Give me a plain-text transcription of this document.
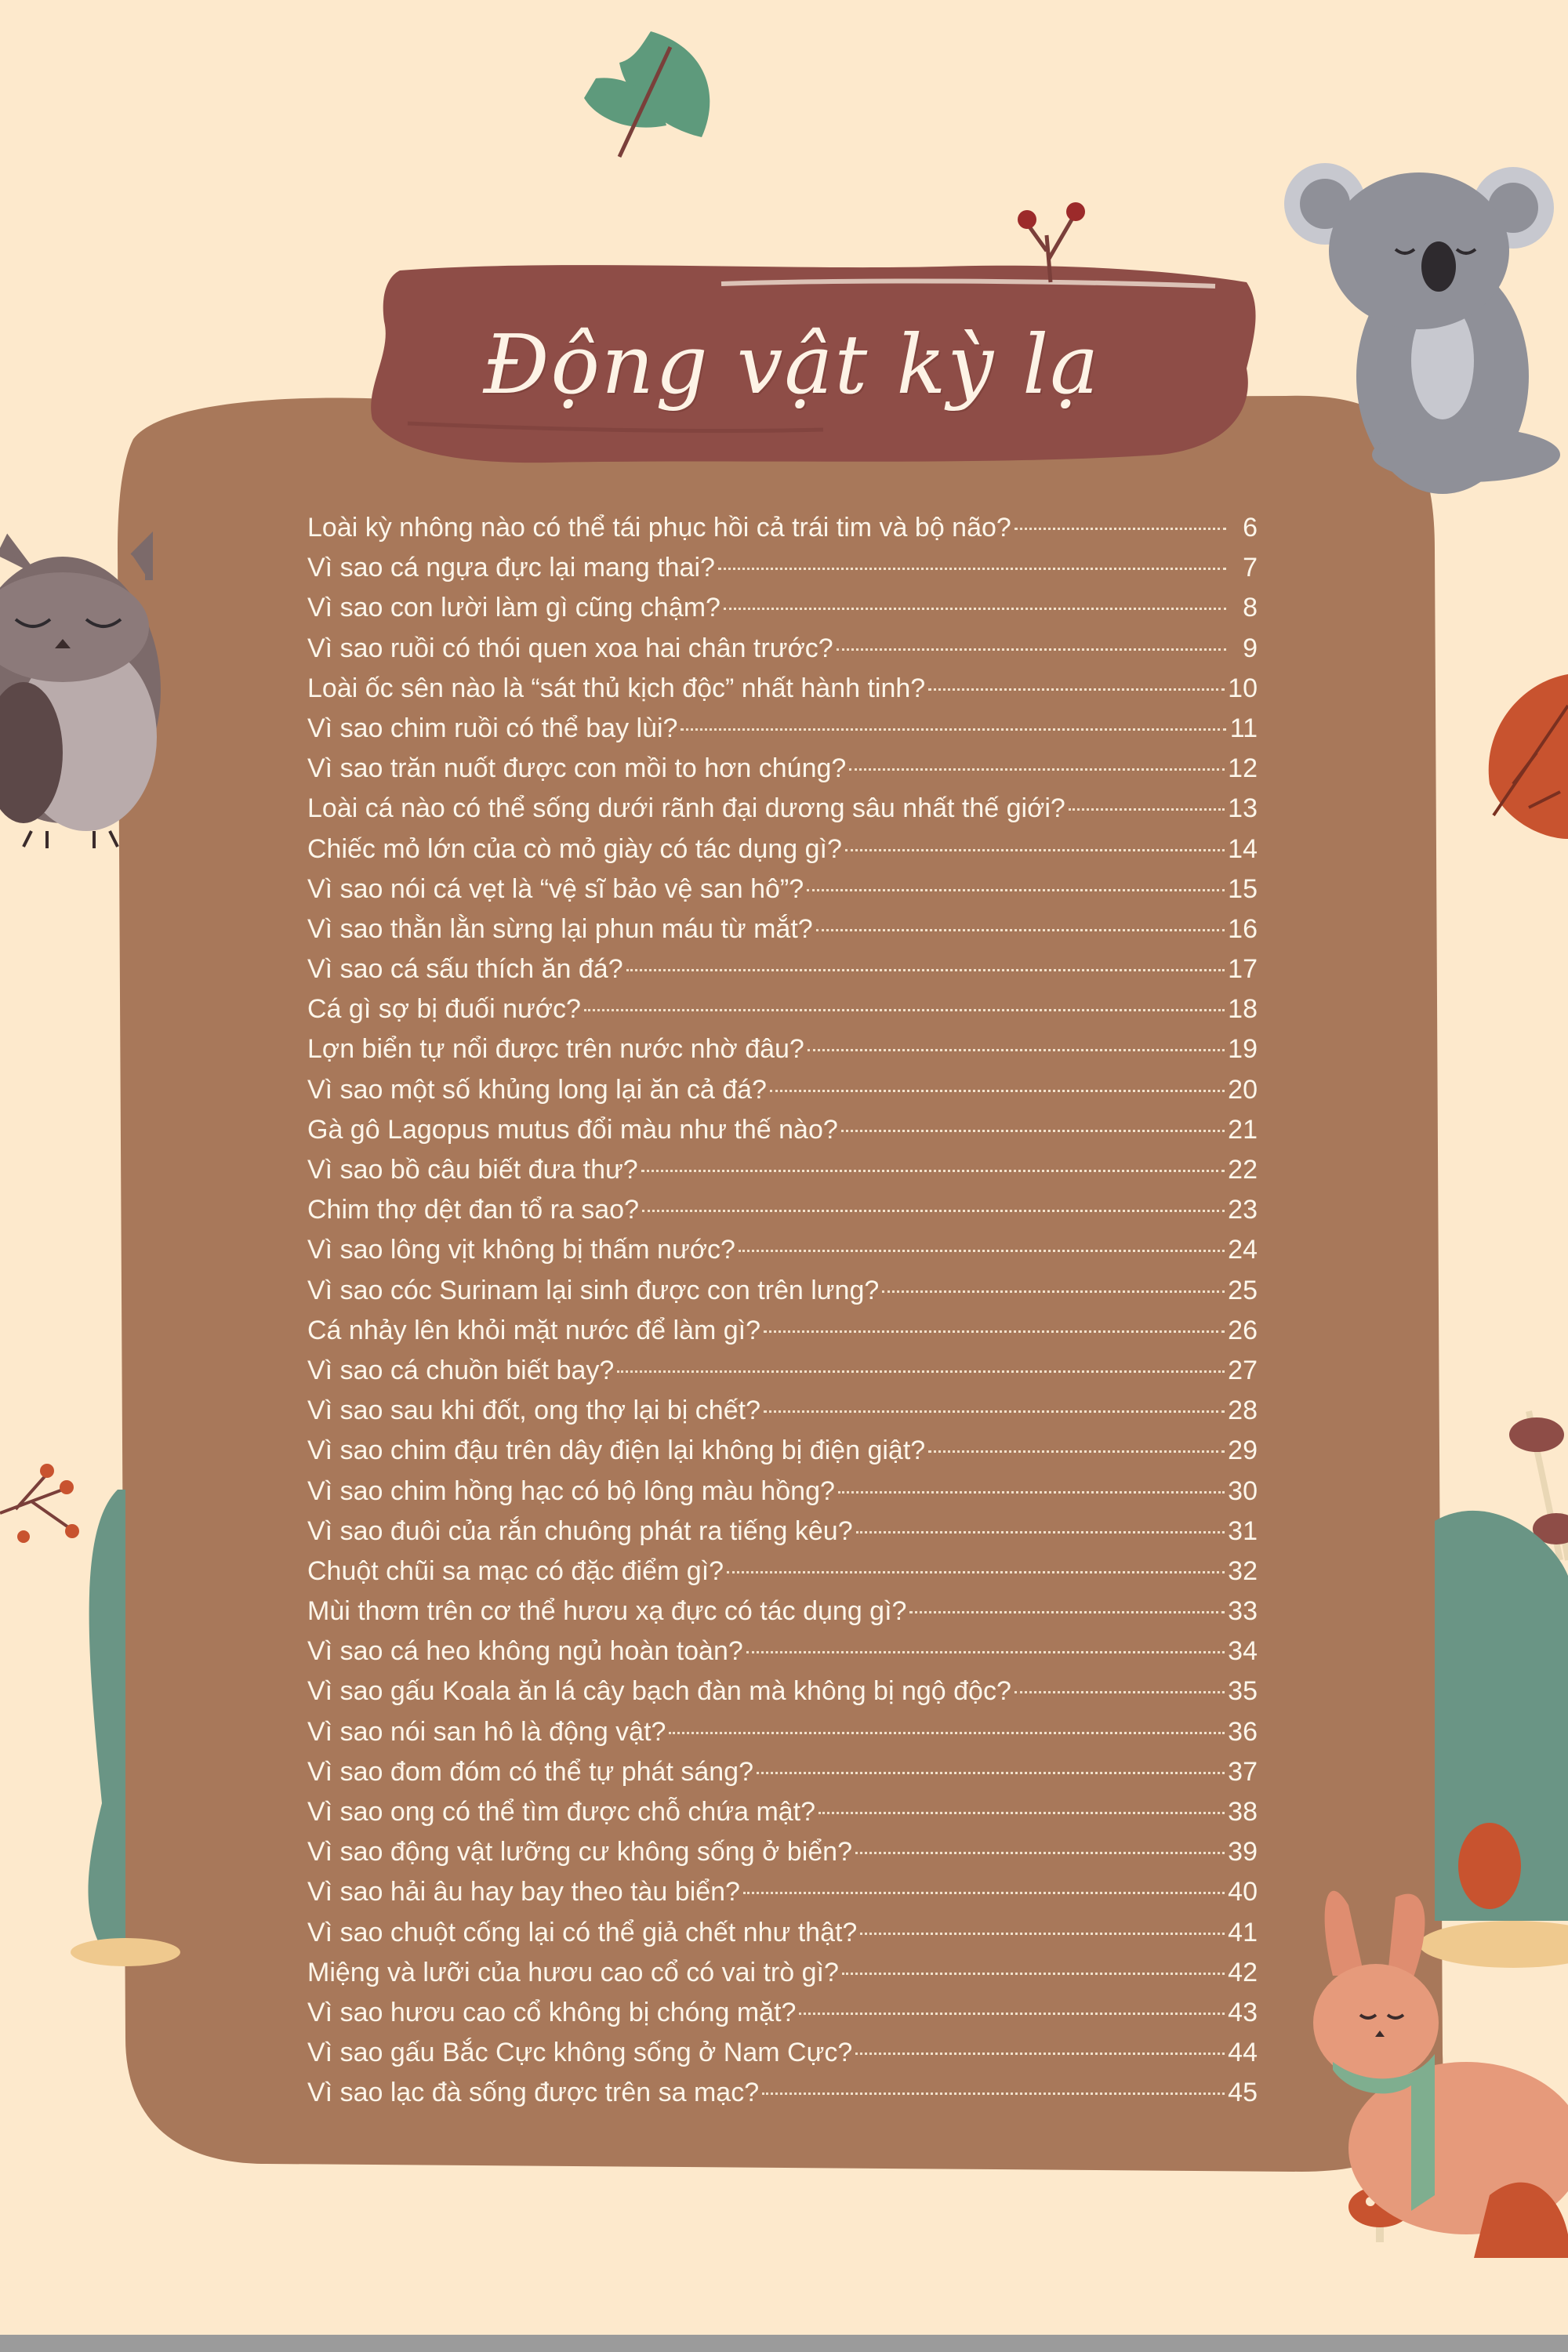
Động vật kỳ lạ
Loài kỳ nhông nào có thể tái phục hồi cả trái tim và bộ não?	6
Vì sao cá ngựa đực lại mang thai?	7
Vì sao con lười làm gì cũng chậm?	8
Vì sao ruồi có thói quen xoa hai chân trước?	9
Loài ốc sên nào là “sát thủ kịch độc” nhất hành tinh?	10
Vì sao chim ruồi có thể bay lùi?	11
Vì sao trăn nuốt được con mồi to hơn chúng?	12
Loài cá nào có thể sống dưới rãnh đại dương sâu nhất thế giới?	13
Chiếc mỏ lớn của cò mỏ giày có tác dụng gì?	14
Vì sao nói cá vẹt là “vệ sĩ bảo vệ san hô”?	15
Vì sao thằn lằn sừng lại phun máu từ mắt?	16
Vì sao cá sấu thích ăn đá?	17
Cá gì sợ bị đuối nước?	18
Lợn biển tự nổi được trên nước nhờ đâu?	19
Vì sao một số khủng long lại ăn cả đá?	20
Gà gô Lagopus mutus đổi màu như thế nào?	21
Vì sao bồ câu biết đưa thư?	22
Chim thợ dệt đan tổ ra sao?	23
Vì sao lông vịt không bị thấm nước?	24
Vì sao cóc Surinam lại sinh được con trên lưng?	25
Cá nhảy lên khỏi mặt nước để làm gì?	26
Vì sao cá chuồn biết bay?	27
Vì sao sau khi đốt, ong thợ lại bị chết?	28
Vì sao chim đậu trên dây điện lại không bị điện giật?	29
Vì sao chim hồng hạc có bộ lông màu hồng?	30
Vì sao đuôi của rắn chuông phát ra tiếng kêu?	31
Chuột chũi sa mạc có đặc điểm gì?	32
Mùi thơm trên cơ thể hươu xạ đực có tác dụng gì?	33
Vì sao cá heo không ngủ hoàn toàn?	34
Vì sao gấu Koala ăn lá cây bạch đàn mà không bị ngộ độc?	35
Vì sao nói san hô là động vật?	36
Vì sao đom đóm có thể tự phát sáng?	37
Vì sao ong có thể tìm được chỗ chứa mật?	38
Vì sao động vật lưỡng cư không sống ở biển?	39
Vì sao hải âu hay bay theo tàu biển?	40
Vì sao chuột cống lại có thể giả chết như thật?	41
Miệng và lưỡi của hươu cao cổ có vai trò gì?	42
Vì sao hươu cao cổ không bị chóng mặt?	43
Vì sao gấu Bắc Cực không sống ở Nam Cực?	44
Vì sao lạc đà sống được trên sa mạc?	45
